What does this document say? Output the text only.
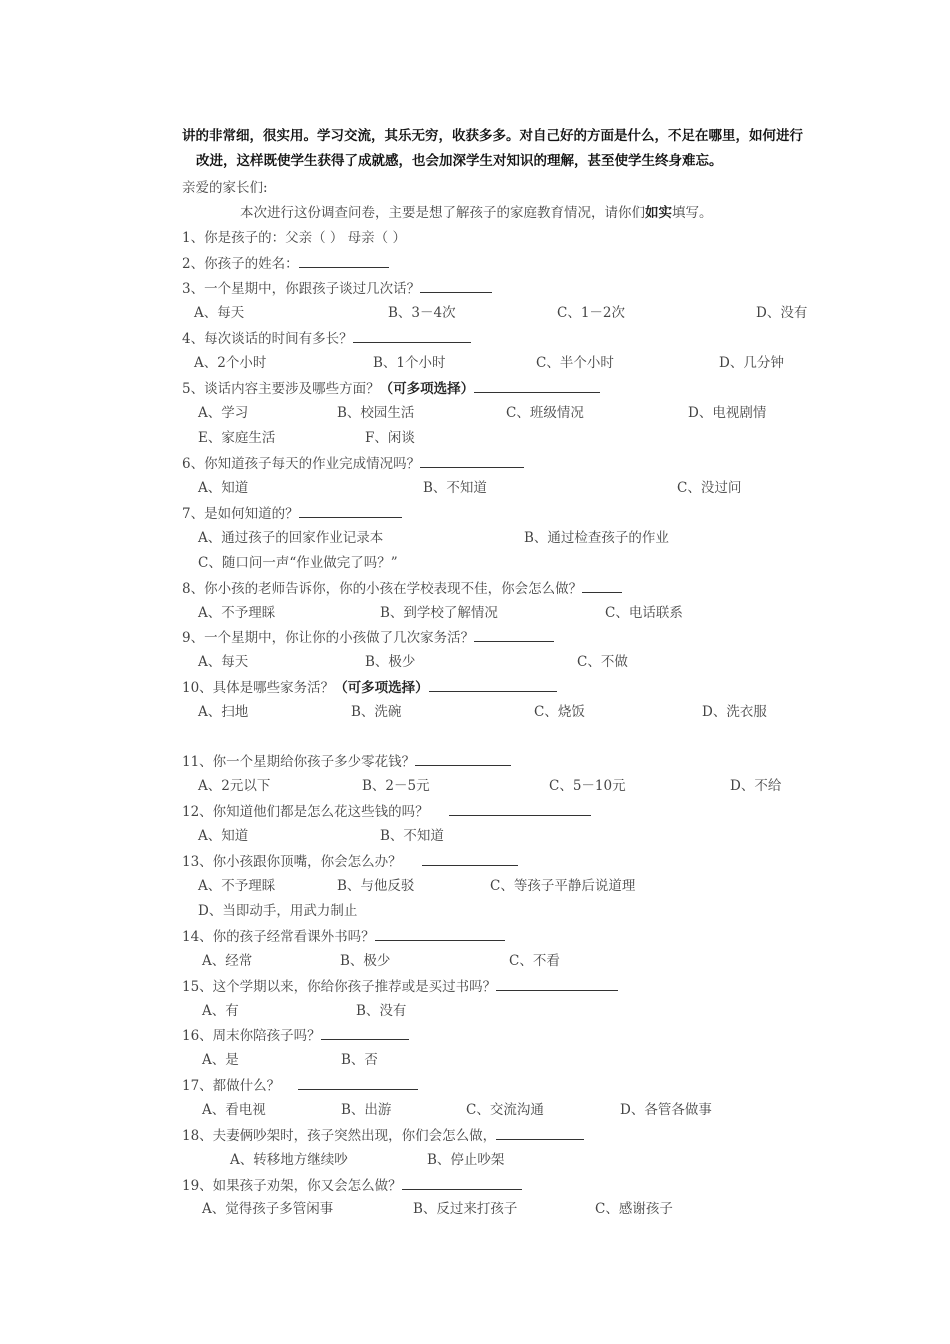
讲的非常细，很实用。学习交流，其乐无穷，收获多多。对自己好的方面是什么，不足在哪里，如何进行
改进，这样既使学生获得了成就感，也会加深学生对知识的理解，甚至使学生终身难忘。
亲爱的家长们:
本次进行这份调查问卷，主要是想了解孩子的家庭教育情况，请你们如实填写。
1、你是孩子的：父亲（ ） 母亲（ ）
2、你孩子的姓名：
3、一个星期中，你跟孩子谈过几次话？
A、每天	B、3－4次	C、1－2次	D、没有
4、每次谈话的时间有多长？
A、2个小时	B、1个小时	C、半个小时	D、几分钟
5、谈话内容主要涉及哪些方面？（可多项选择）
A、学习	B、校园生活	C、班级情况	D、电视剧情
E、家庭生活	F、闲谈
6、你知道孩子每天的作业完成情况吗？
A、知道	B、不知道	C、没过问
7、是如何知道的？
A、通过孩子的回家作业记录本	B、通过检查孩子的作业
C、随口问一声“作业做完了吗？”
8、你小孩的老师告诉你，你的小孩在学校表现不佳，你会怎么做？
A、不予理睬	B、到学校了解情况	C、电话联系
9、一个星期中，你让你的小孩做了几次家务活？
A、每天	B、极少	C、不做
10、具体是哪些家务活？（可多项选择）
A、扫地	B、洗碗	C、烧饭	D、洗衣服
11、你一个星期给你孩子多少零花钱？
A、2元以下	B、2－5元	C、5－10元	D、不给
12、你知道他们都是怎么花这些钱的吗？
A、知道	B、不知道
13、你小孩跟你顶嘴，你会怎么办？
A、不予理睬	B、与他反驳	C、等孩子平静后说道理
D、当即动手，用武力制止
14、你的孩子经常看课外书吗？
A、经常	B、极少	C、不看
15、这个学期以来，你给你孩子推荐或是买过书吗？
A、有	B、没有
16、周末你陪孩子吗？
A、是	B、否
17、都做什么？
A、看电视	B、出游	C、交流沟通	D、各管各做事
18、夫妻俩吵架时，孩子突然出现，你们会怎么做，
A、转移地方继续吵	B、停止吵架
19、如果孩子劝架，你又会怎么做？
A、觉得孩子多管闲事	B、反过来打孩子	C、感谢孩子
